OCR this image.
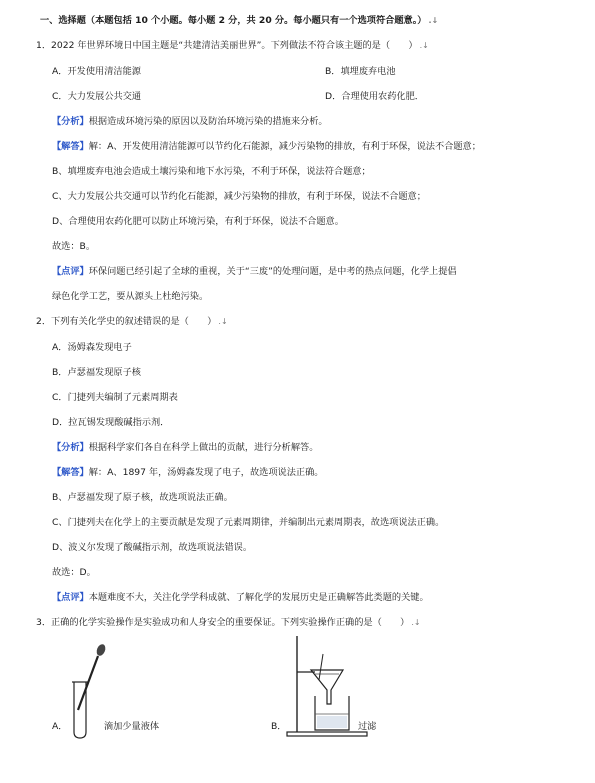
一、选择题（本题包括 10 个小题。每小题 2 分，共 20 分。每小题只有一个选项符合题意。） .↓
1．2022 年世界环境日中国主题是“共建清洁美丽世界”。下列做法不符合该主题的是（　　） .↓
A．开发使用清洁能源	B．填埋废弃电池
C．大力发展公共交通	D．合理使用农药化肥．
【分析】根据造成环境污染的原因以及防治环境污染的措施来分析。
【解答】解：A、开发使用清洁能源可以节约化石能源，减少污染物的排放，有利于环保，说法不合题意；
B、填埋废弃电池会造成土壤污染和地下水污染，不利于环保，说法符合题意；
C、大力发展公共交通可以节约化石能源，减少污染物的排放，有利于环保，说法不合题意；
D、合理使用农药化肥可以防止环境污染，有利于环保，说法不合题意。
故选：B。
【点评】环保问题已经引起了全球的重视，关于“三废”的处理问题，是中考的热点问题，化学上提倡
绿色化学工艺，要从源头上杜绝污染。
2．下列有关化学史的叙述错误的是（　　） .↓
A．汤姆森发现电子
B．卢瑟福发现原子核
C．门捷列夫编制了元素周期表
D．拉瓦锡发现酸碱指示剂．
【分析】根据科学家们各自在科学上做出的贡献，进行分析解答。
【解答】解：A、1897 年，汤姆森发现了电子，故选项说法正确。
B、卢瑟福发现了原子核，故选项说法正确。
C、门捷列夫在化学上的主要贡献是发现了元素周期律，并编制出元素周期表，故选项说法正确。
D、波义尔发现了酸碱指示剂，故选项说法错误。
故选：D。
【点评】本题难度不大，关注化学学科成就、了解化学的发展历史是正确解答此类题的关键。
3．正确的化学实验操作是实验成功和人身安全的重要保证。下列实验操作正确的是（　　） .↓
A．	滴加少量液体	B．	过滤
